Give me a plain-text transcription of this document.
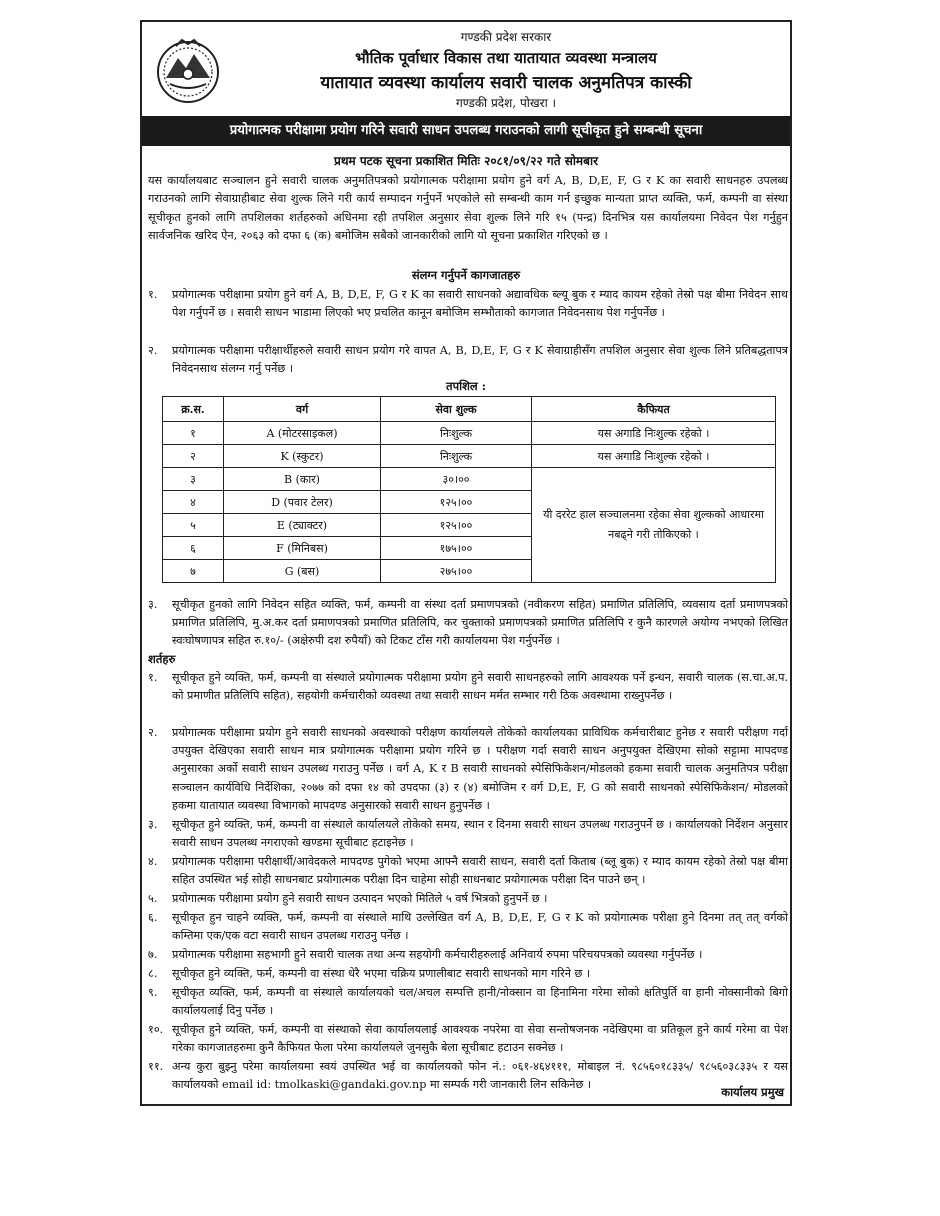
गण्डकी प्रदेश सरकार
भौतिक पूर्वाधार विकास तथा यातायात व्यवस्था मन्त्रालय
यातायात व्यवस्था कार्यालय सवारी चालक अनुमतिपत्र कास्की
गण्डकी प्रदेश, पोखरा ।
प्रयोगात्मक परीक्षामा प्रयोग गरिने सवारी साधन उपलब्ध गराउनको लागी सूचीकृत हुने सम्बन्धी सूचना
प्रथम पटक सूचना प्रकाशित मितिः २०८१/०९/२२ गते सोमबार
यस कार्यालयबाट सञ्चालन हुने सवारी चालक अनुमतिपत्रको प्रयोगात्मक परीक्षामा प्रयोग हुने वर्ग A, B, D,E, F, G र K का सवारी साधनहरु उपलब्ध गराउनको लागि सेवाग्राहीबाट सेवा शुल्क लिने गरी कार्य सम्पादन गर्नुपर्ने भएकोले सो सम्बन्धी काम गर्न इच्छुक मान्यता प्राप्त व्यक्ति, फर्म, कम्पनी वा संस्था सूचीकृत हुनको लागि तपशिलका शर्तहरुको अधिनमा रही तपशिल अनुसार सेवा शुल्क लिने गरि १५ (पन्द्र) दिनभित्र यस कार्यालयमा निवेदन पेश गर्नुहुन सार्वजनिक खरिद ऐन, २०६३ को दफा ६ (क) बमोजिम सबैको जानकारीको लागि यो सूचना प्रकाशित गरिएको छ ।
संलग्न गर्नुपर्ने कागजातहरु
१.	प्रयोगात्मक परीक्षामा प्रयोग हुने वर्ग A, B, D,E, F, G र K का सवारी साधनको अद्यावधिक ब्ल्यू बुक र म्याद कायम रहेको तेस्रो पक्ष बीमा निवेदन साथ पेश गर्नुपर्ने छ । सवारी साधन भाडामा लिएको भए प्रचलित कानून बमोजिम सम्भौताको कागजात निवेदनसाथ पेश गर्नुपर्नेछ ।
२.	प्रयोगात्मक परीक्षामा परीक्षार्थीहरुले सवारी साधन प्रयोग गरे वापत A, B, D,E, F, G र K सेवाग्राहीसँग तपशिल अनुसार सेवा शुल्क लिने प्रतिबद्धतापत्र निवेदनसाथ संलग्न गर्नु पर्नेछ ।
तपशिल :
क्र.स.	वर्ग	सेवा शुल्क	कैफियत
१	A (मोटरसाइकल)	निःशुल्क	यस अगाडि निःशुल्क रहेको ।
२	K (स्कुटर)	निःशुल्क	यस अगाडि निःशुल्क रहेको ।
३	B (कार)	३०।००	यी दररेट हाल सञ्चालनमा रहेका सेवा शुल्कको आधारमा नबढ्ने गरी तोकिएको ।
४	D (पवार टेलर)	१२५।००	
५	E (ट्याक्टर)	१२५।००	
६	F (मिनिबस)	१७५।००	
७	G (बस)	२७५।००	
३.	सूचीकृत हुनको लागि निवेदन सहित व्यक्ति, फर्म, कम्पनी वा संस्था दर्ता प्रमाणपत्रको (नवीकरण सहित) प्रमाणित प्रतिलिपि, व्यवसाय दर्ता प्रमाणपत्रको प्रमाणित प्रतिलिपि, मु.अ.कर दर्ता प्रमाणपत्रको प्रमाणित प्रतिलिपि, कर चुक्ताको प्रमाणपत्रको प्रमाणित प्रतिलिपि र कुनै कारणले अयोग्य नभएको लिखित स्वःघोषणापत्र सहित रु.१०/- (अक्षेरुपी दश रुपैयाँ) को टिकट टाँस गरी कार्यालयमा पेश गर्नुपर्नेछ ।
शर्तहरु
१.	सूचीकृत हुने व्यक्ति, फर्म, कम्पनी वा संस्थाले प्रयोगात्मक परीक्षामा प्रयोग हुने सवारी साधनहरुको लागि आवश्यक पर्ने इन्धन, सवारी चालक (स.चा.अ.प. को प्रमाणीत प्रतिलिपि सहित), सहयोगी कर्मचारीको व्यवस्था तथा सवारी साधन मर्मत सम्भार गरी ठिक अवस्थामा राख्नुपर्नेछ ।
२.	प्रयोगात्मक परीक्षामा प्रयोग हुने सवारी साधनको अवस्थाको परीक्षण कार्यालयले तोकेको कार्यालयका प्राविधिक कर्मचारीबाट हुनेछ र सवारी परीक्षण गर्दा उपयुक्त देखिएका सवारी साधन मात्र प्रयोगात्मक परीक्षामा प्रयोग गरिने छ । परीक्षण गर्दा सवारी साधन अनुपयुक्त देखिएमा सोको सट्टामा मापदण्ड अनुसारका अर्को सवारी साधन उपलब्ध गराउनु पर्नेछ । वर्ग A, K र B सवारी साधनको स्पेसिफिकेशन/मोडलको हकमा सवारी चालक अनुमतिपत्र परीक्षा सञ्चालन कार्यविधि निर्देशिका, २०७७ को दफा १४ को उपदफा (३) र (४) बमोजिम र वर्ग D,E, F, G को सवारी साधनको स्पेसिफिकेशन/ मोडलको हकमा यातायात व्यवस्था विभागको मापदण्ड अनुसारको सवारी साधन हुनुपर्नेछ ।
३.	सूचीकृत हुने व्यक्ति, फर्म, कम्पनी वा संस्थाले कार्यालयले तोकेको समय, स्थान र दिनमा सवारी साधन उपलब्ध गराउनुपर्ने छ । कार्यालयको निर्देशन अनुसार सवारी साधन उपलब्ध नगराएको खण्डमा सूचीबाट हटाइनेछ ।
४.	प्रयोगात्मक परीक्षामा परीक्षार्थी/आवेदकले मापदण्ड पुगेको भएमा आफ्नै सवारी साधन, सवारी दर्ता किताब (ब्लू बुक) र म्याद कायम रहेको तेस्रो पक्ष बीमा सहित उपस्थित भई सोही साधनबाट प्रयोगात्मक परीक्षा दिन चाहेमा सोही साधनबाट प्रयोगात्मक परीक्षा दिन पाउने छन् ।
५.	प्रयोगात्मक परीक्षामा प्रयोग हुने सवारी साधन उत्पादन भएको मितिले ५ वर्ष भित्रको हुनुपर्ने छ ।
६.	सूचीकृत हुन चाहने व्यक्ति, फर्म, कम्पनी वा संस्थाले माथि उल्लेखित वर्ग A, B, D,E, F, G र K को प्रयोगात्मक परीक्षा हुने दिनमा तत् तत् वर्गको कम्तिमा एक/एक वटा सवारी साधन उपलब्ध गराउनु पर्नेछ ।
७.	प्रयोगात्मक परीक्षामा सहभागी हुने सवारी चालक तथा अन्य सहयोगी कर्मचारीहरुलाई अनिवार्य रुपमा परिचयपत्रको व्यवस्था गर्नुपर्नेछ ।
८.	सूचीकृत हुने व्यक्ति, फर्म, कम्पनी वा संस्था धेरै भएमा चक्रिय प्रणालीबाट सवारी साधनको माग गरिने छ ।
९.	सूचीकृत व्यक्ति, फर्म, कम्पनी वा संस्थाले कार्यालयको चल/अचल सम्पत्ति हानी/नोक्सान वा हिनामिना गरेमा सोको क्षतिपुर्ति वा हानी नोक्सानीको बिगो कार्यालयलाई दिनु पर्नेछ ।
१०. सूचीकृत हुने व्यक्ति, फर्म, कम्पनी वा संस्थाको सेवा कार्यालयलाई आवश्यक नपरेमा वा सेवा सन्तोषजनक नदेखिएमा वा प्रतिकूल हुने कार्य गरेमा वा पेश गरेका कागजातहरुमा कुनै कैफियत फेला परेमा कार्यालयले जुनसुकै बेला सूचीबाट हटाउन सक्नेछ ।
११. अन्य कुरा बुझ्नु परेमा कार्यालयमा स्वयं उपस्थित भई वा कार्यालयको फोन नं.: ०६१-४६४१११, मोबाइल नं. ९८५६०१८३३५/ ९८५६०३८३३५ र यस कार्यालयको email id: tmolkaski@gandaki.gov.np मा सम्पर्क गरी जानकारी लिन सकिनेछ ।
कार्यालय प्रमुख
